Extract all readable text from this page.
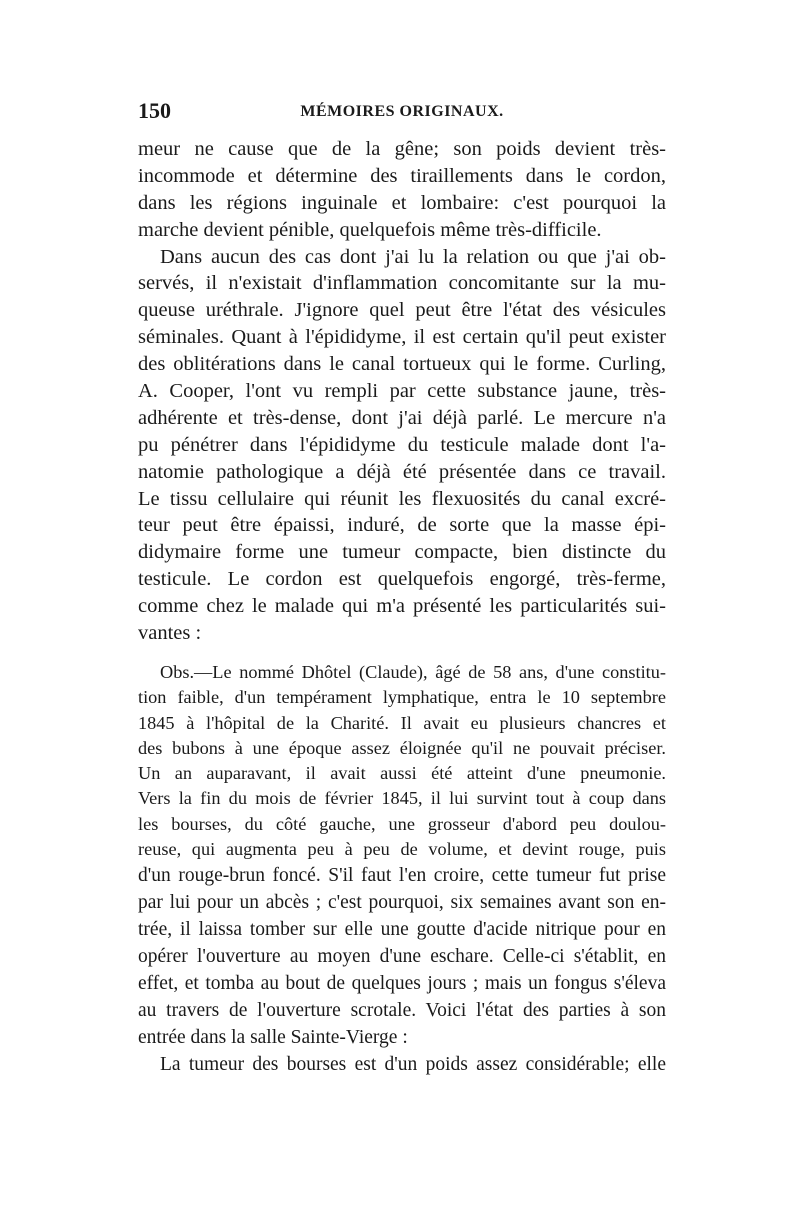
150	MÉMOIRES ORIGINAUX.
meur ne cause que de la gêne; son poids devient très-
incommode et détermine des tiraillements dans le cordon,
dans les régions inguinale et lombaire: c'est pourquoi la
marche devient pénible, quelquefois même très-difficile.
Dans aucun des cas dont j'ai lu la relation ou que j'ai ob-
servés, il n'existait d'inflammation concomitante sur la mu-
queuse uréthrale. J'ignore quel peut être l'état des vésicules
séminales. Quant à l'épididyme, il est certain qu'il peut exister
des oblitérations dans le canal tortueux qui le forme. Curling,
A. Cooper, l'ont vu rempli par cette substance jaune, très-
adhérente et très-dense, dont j'ai déjà parlé. Le mercure n'a
pu pénétrer dans l'épididyme du testicule malade dont l'a-
natomie pathologique a déjà été présentée dans ce travail.
Le tissu cellulaire qui réunit les flexuosités du canal excré-
teur peut être épaissi, induré, de sorte que la masse épi-
didymaire forme une tumeur compacte, bien distincte du
testicule. Le cordon est quelquefois engorgé, très-ferme,
comme chez le malade qui m'a présenté les particularités sui-
vantes :
Obs.—Le nommé Dhôtel (Claude), âgé de 58 ans, d'une constitu-
tion faible, d'un tempérament lymphatique, entra le 10 septembre
1845 à l'hôpital de la Charité. Il avait eu plusieurs chancres et
des bubons à une époque assez éloignée qu'il ne pouvait préciser.
Un an auparavant, il avait aussi été atteint d'une pneumonie.
Vers la fin du mois de février 1845, il lui survint tout à coup dans
les bourses, du côté gauche, une grosseur d'abord peu doulou-
reuse, qui augmenta peu à peu de volume, et devint rouge, puis
d'un rouge-brun foncé. S'il faut l'en croire, cette tumeur fut prise
par lui pour un abcès ; c'est pourquoi, six semaines avant son en-
trée, il laissa tomber sur elle une goutte d'acide nitrique pour en
opérer l'ouverture au moyen d'une eschare. Celle-ci s'établit, en
effet, et tomba au bout de quelques jours ; mais un fongus s'éleva
au travers de l'ouverture scrotale. Voici l'état des parties à son
entrée dans la salle Sainte-Vierge :
La tumeur des bourses est d'un poids assez considérable; elle
